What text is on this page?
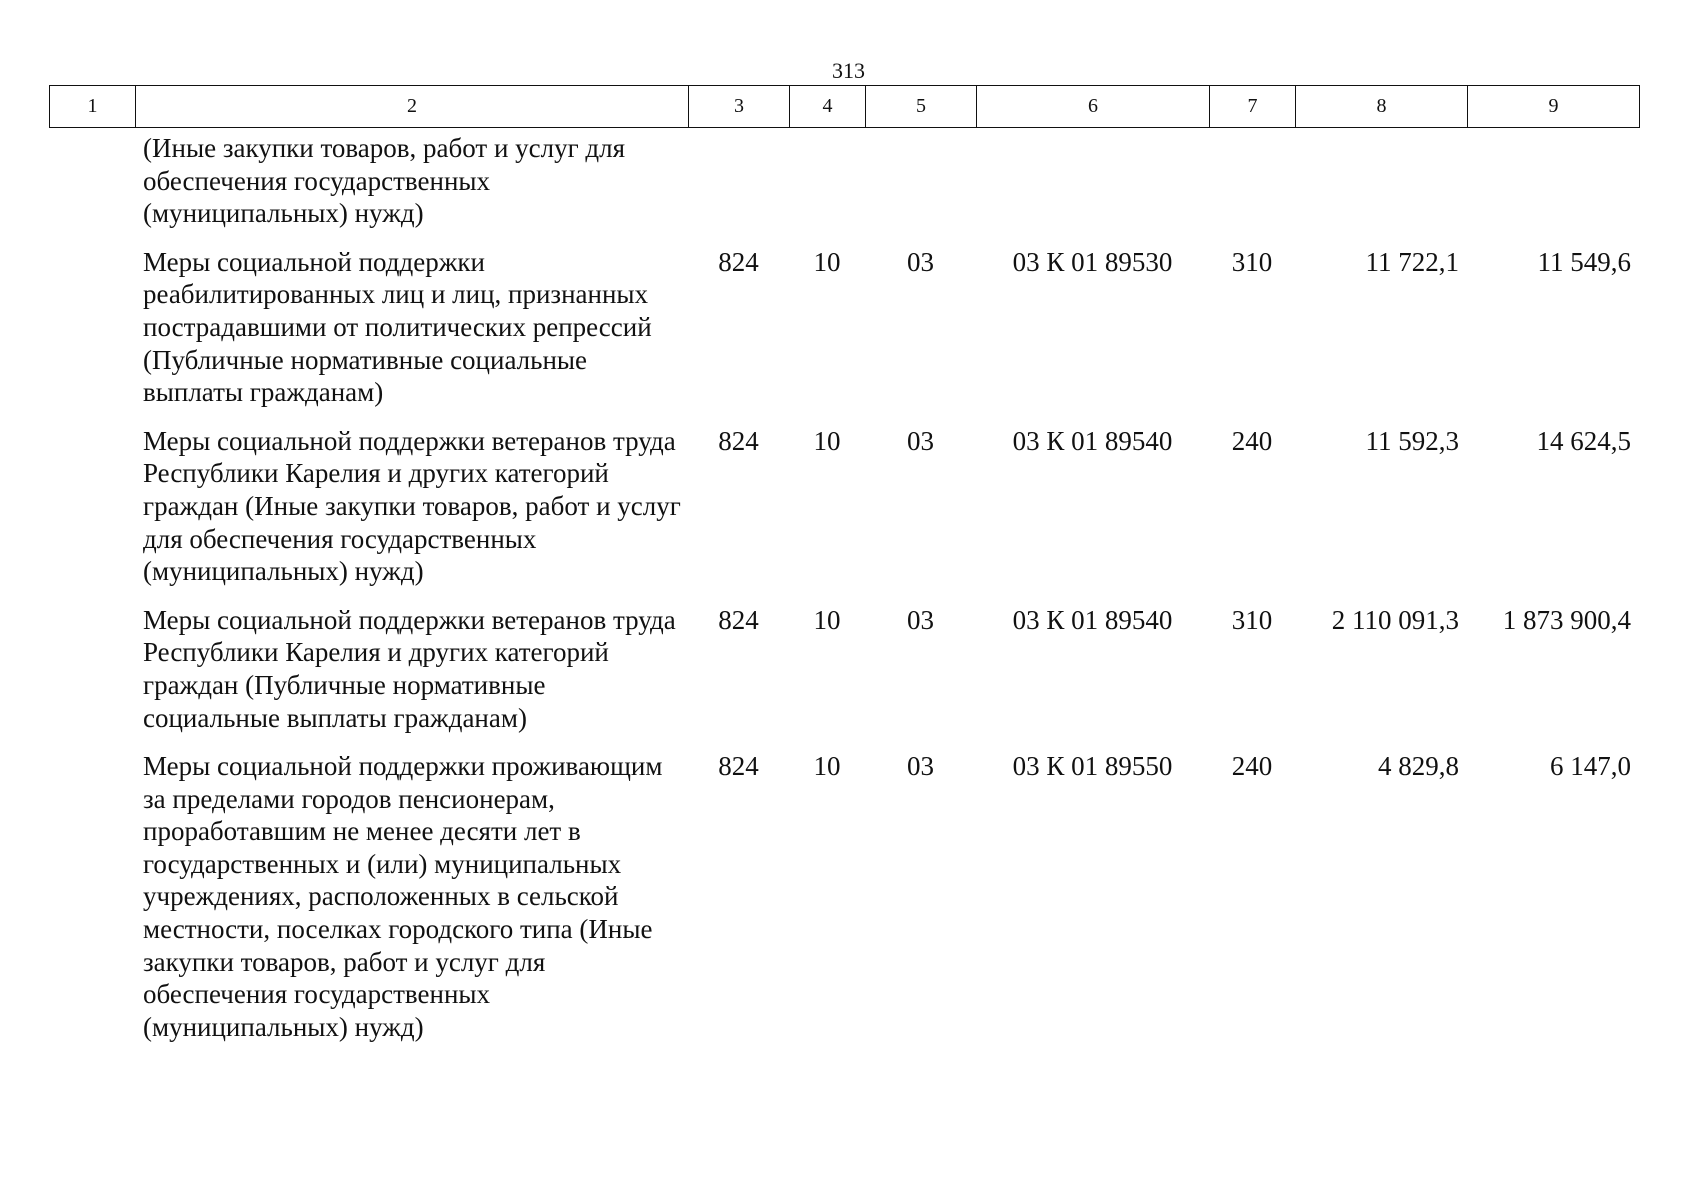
313
1	2	3	4	5	6	7	8	9
	(Иные закупки товаров, работ и услуг для обеспечения государственных (муниципальных) нужд)							
	Меры социальной поддержки реабилитированных лиц и лиц, признанных пострадавшими от политических репрессий (Публичные нормативные социальные выплаты гражданам)	824	10	03	03 К 01 89530	310	11 722,1	11 549,6
	Меры социальной поддержки ветеранов труда Республики Карелия и других категорий граждан (Иные закупки товаров, работ и услуг для обеспечения государственных (муниципальных) нужд)	824	10	03	03 К 01 89540	240	11 592,3	14 624,5
	Меры социальной поддержки ветеранов труда Республики Карелия и других категорий граждан (Публичные нормативные социальные выплаты гражданам)	824	10	03	03 К 01 89540	310	2 110 091,3	1 873 900,4
	Меры социальной поддержки проживающим за пределами городов пенсионерам, проработавшим не менее десяти лет в государственных и (или) муниципальных учреждениях, расположенных в сельской местности, поселках городского типа (Иные закупки товаров, работ и услуг для обеспечения государственных (муниципальных) нужд)	824	10	03	03 К 01 89550	240	4 829,8	6 147,0
